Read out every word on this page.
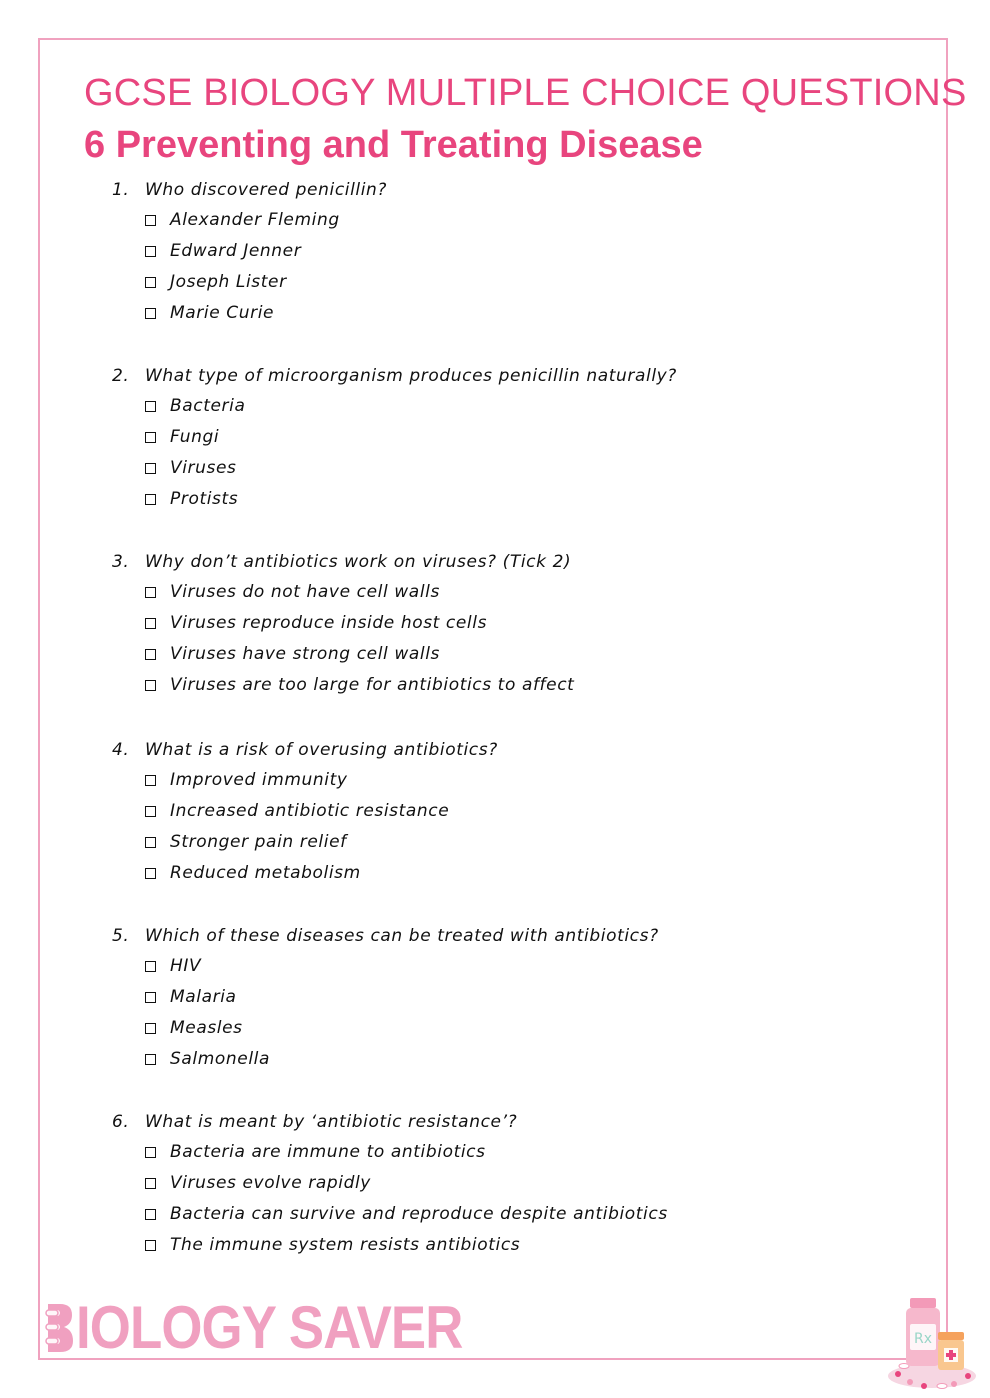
GCSE BIOLOGY MULTIPLE CHOICE QUESTIONS
6 Preventing and Treating Disease
1. Who discovered penicillin?
Alexander Fleming
Edward Jenner
Joseph Lister
Marie Curie
2. What type of microorganism produces penicillin naturally?
Bacteria
Fungi
Viruses
Protists
3. Why don’t antibiotics work on viruses? (Tick 2)
Viruses do not have cell walls
Viruses reproduce inside host cells
Viruses have strong cell walls
Viruses are too large for antibiotics to affect
4. What is a risk of overusing antibiotics?
Improved immunity
Increased antibiotic resistance
Stronger pain relief
Reduced metabolism
5. Which of these diseases can be treated with antibiotics?
HIV
Malaria
Measles
Salmonella
6. What is meant by ‘antibiotic resistance’?
Bacteria are immune to antibiotics
Viruses evolve rapidly
Bacteria can survive and reproduce despite antibiotics
The immune system resists antibiotics
IOLOGY SAVER	Rx
